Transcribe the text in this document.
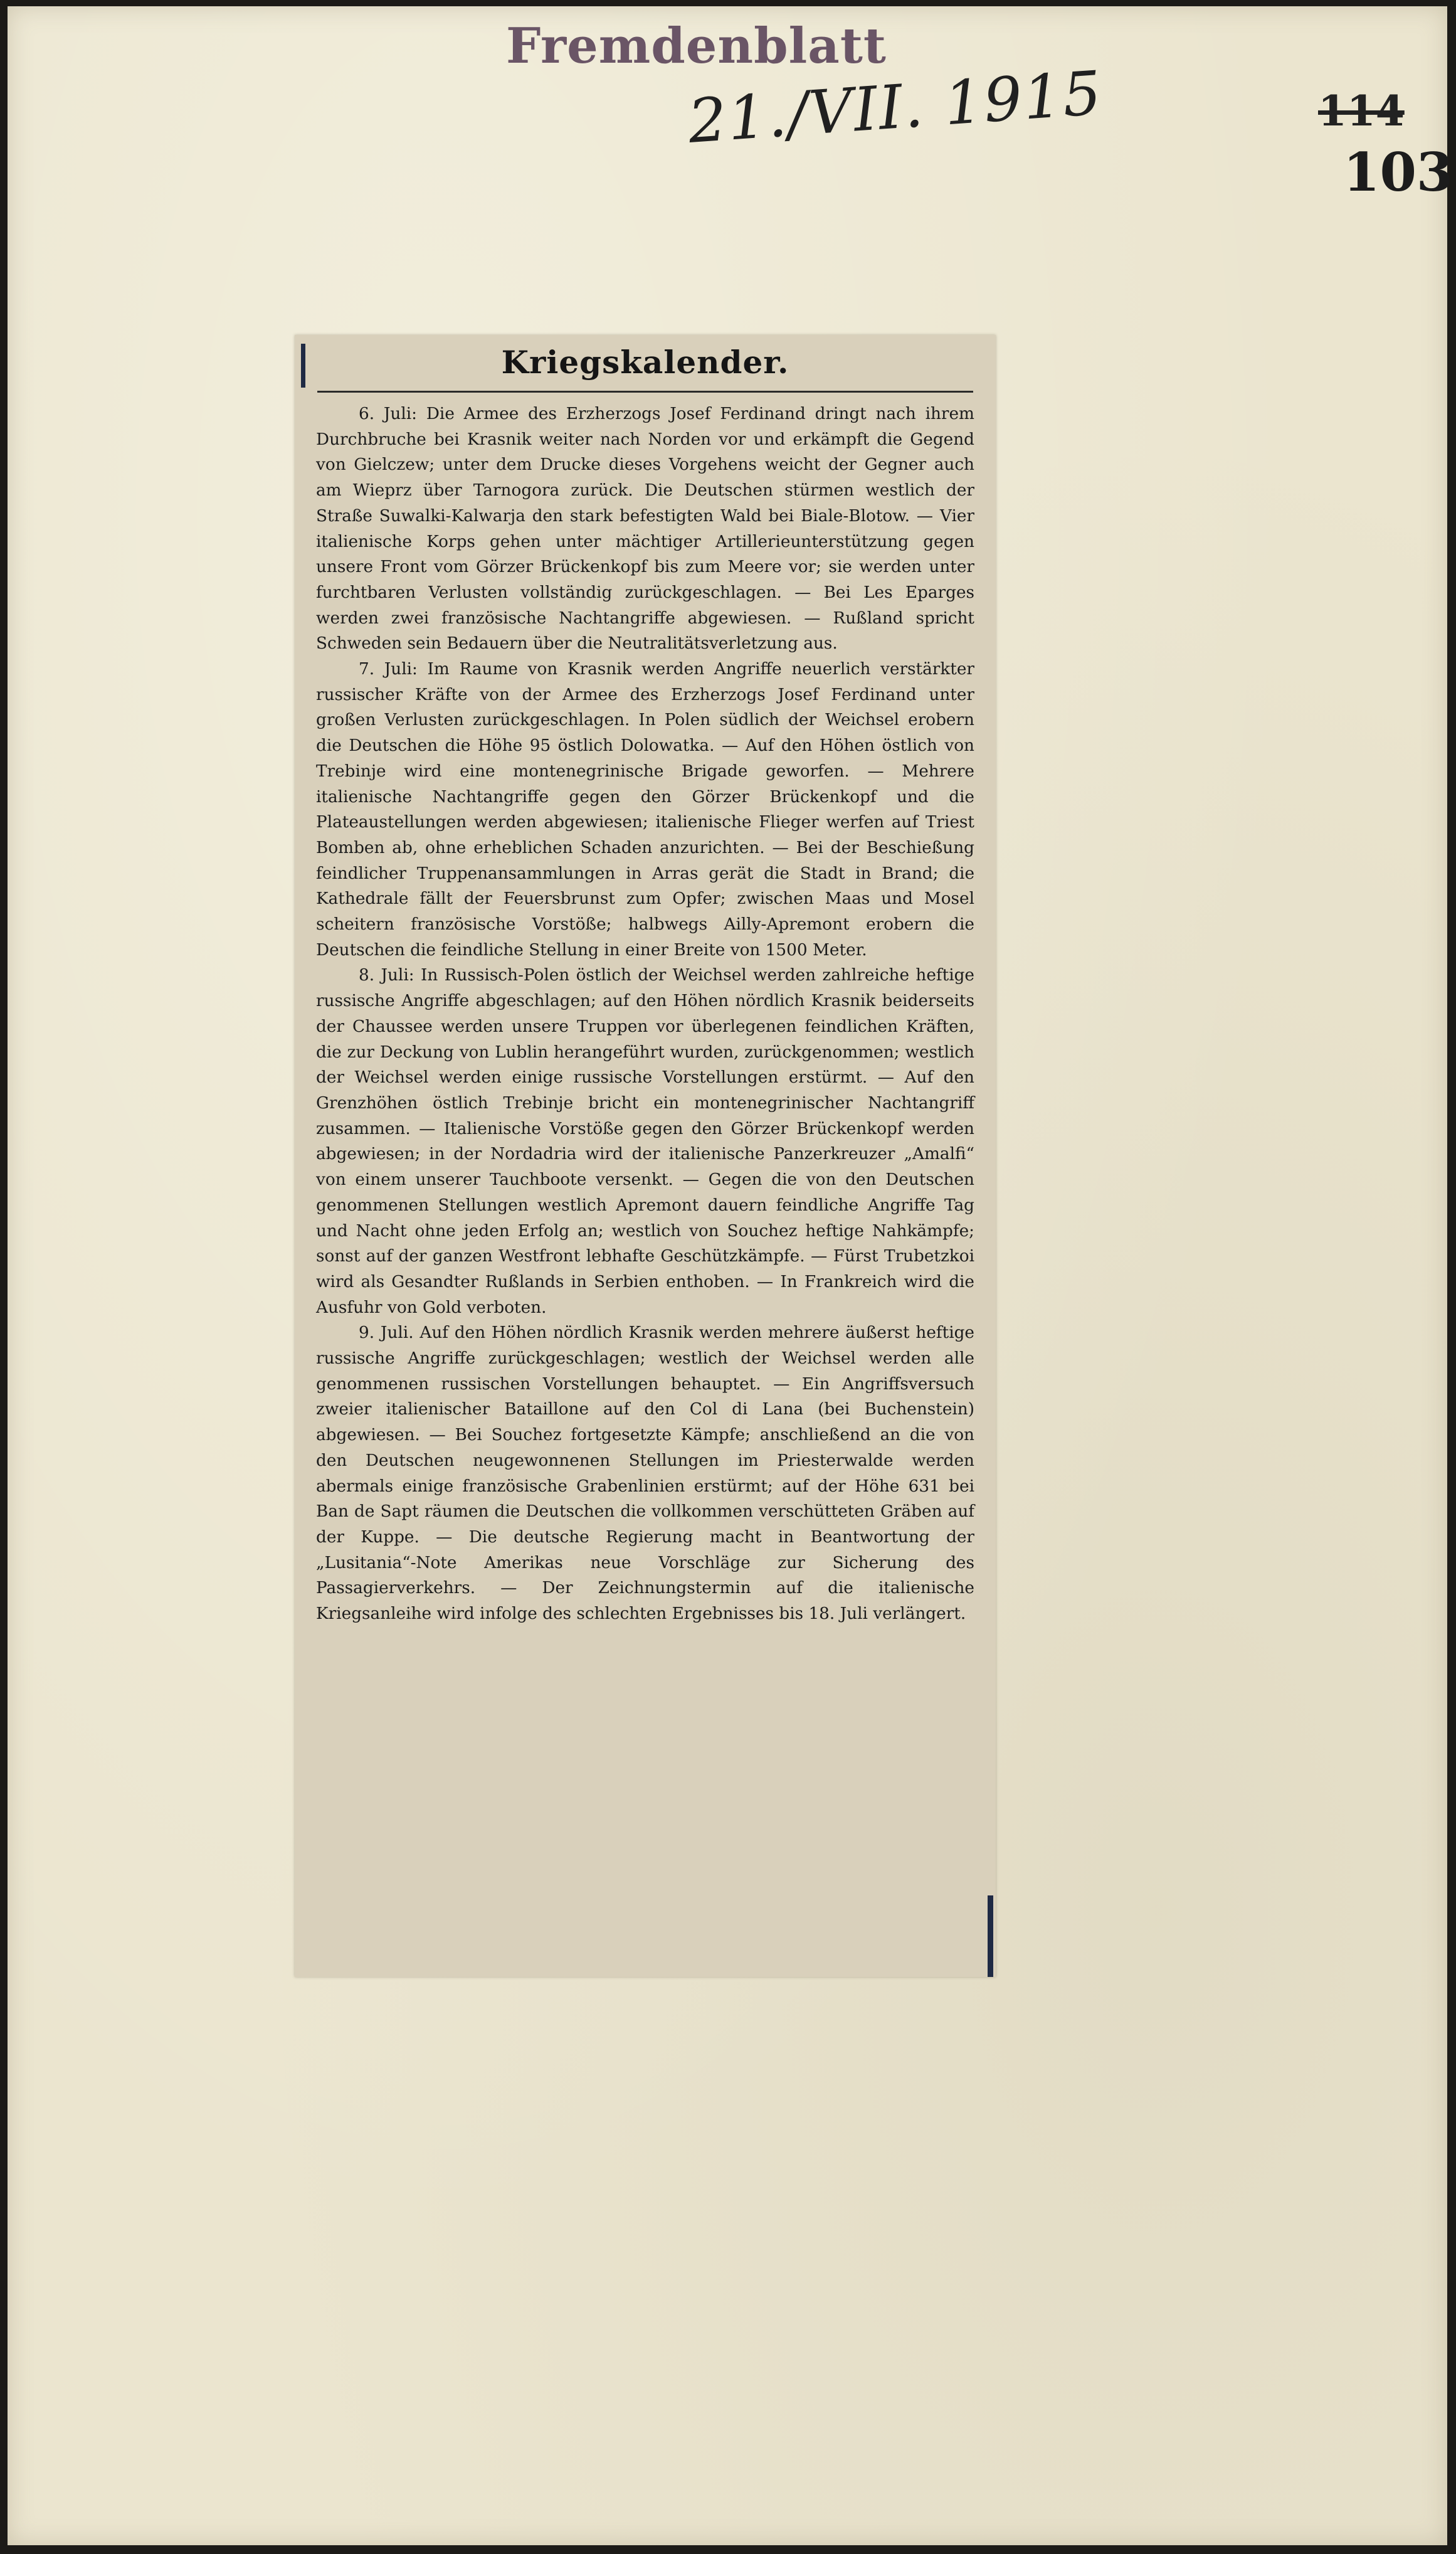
Fremdenblatt
21./VII. 1915	114
103
Kriegskalender.

6. Juli: Die Armee des Erzherzogs Josef Ferdinand dringt nach ihrem Durchbruche bei Krasnik weiter nach Norden vor und erkämpft die Gegend von Gielczew; unter dem Drucke dieses Vorgehens weicht der Gegner auch am Wieprz über Tarnogora zurück. Die Deutschen stürmen westlich der Straße Suwalki-Kalwarja den stark befestigten Wald bei Biale-Blotow. — Vier italienische Korps gehen unter mächtiger Artillerieunterstützung gegen unsere Front vom Görzer Brückenkopf bis zum Meere vor; sie werden unter furchtbaren Verlusten vollständig zurückgeschlagen. — Bei Les Eparges werden zwei französische Nachtangriffe abgewiesen. — Rußland spricht Schweden sein Bedauern über die Neutralitätsverletzung aus.

7. Juli: Im Raume von Krasnik werden Angriffe neuerlich verstärkter russischer Kräfte von der Armee des Erzherzogs Josef Ferdinand unter großen Verlusten zurückgeschlagen. In Polen südlich der Weichsel erobern die Deutschen die Höhe 95 östlich Dolowatka. — Auf den Höhen östlich von Trebinje wird eine montenegrinische Brigade geworfen. — Mehrere italienische Nachtangriffe gegen den Görzer Brückenkopf und die Plateaustellungen werden abgewiesen; italienische Flieger werfen auf Triest Bomben ab, ohne erheblichen Schaden anzurichten. — Bei der Beschießung feindlicher Truppenansammlungen in Arras gerät die Stadt in Brand; die Kathedrale fällt der Feuersbrunst zum Opfer; zwischen Maas und Mosel scheitern französische Vorstöße; halbwegs Ailly-Apremont erobern die Deutschen die feindliche Stellung in einer Breite von 1500 Meter.

8. Juli: In Russisch-Polen östlich der Weichsel werden zahlreiche heftige russische Angriffe abgeschlagen; auf den Höhen nördlich Krasnik beiderseits der Chaussee werden unsere Truppen vor überlegenen feindlichen Kräften, die zur Deckung von Lublin herangeführt wurden, zurückgenommen; westlich der Weichsel werden einige russische Vorstellungen erstürmt. — Auf den Grenzhöhen östlich Trebinje bricht ein montenegrinischer Nachtangriff zusammen. — Italienische Vorstöße gegen den Görzer Brückenkopf werden abgewiesen; in der Nordadria wird der italienische Panzerkreuzer „Amalfi“ von einem unserer Tauchboote versenkt. — Gegen die von den Deutschen genommenen Stellungen westlich Apremont dauern feindliche Angriffe Tag und Nacht ohne jeden Erfolg an; westlich von Souchez heftige Nahkämpfe; sonst auf der ganzen Westfront lebhafte Geschützkämpfe. — Fürst Trubetzkoi wird als Gesandter Rußlands in Serbien enthoben. — In Frankreich wird die Ausfuhr von Gold verboten.

9. Juli. Auf den Höhen nördlich Krasnik werden mehrere äußerst heftige russische Angriffe zurückgeschlagen; westlich der Weichsel werden alle genommenen russischen Vorstellungen behauptet. — Ein Angriffsversuch zweier italienischer Bataillone auf den Col di Lana (bei Buchenstein) abgewiesen. — Bei Souchez fortgesetzte Kämpfe; anschließend an die von den Deutschen neugewonnenen Stellungen im Priesterwalde werden abermals einige französische Grabenlinien erstürmt; auf der Höhe 631 bei Ban de Sapt räumen die Deutschen die vollkommen verschütteten Gräben auf der Kuppe. — Die deutsche Regierung macht in Beantwortung der „Lusitania“-Note Amerikas neue Vorschläge zur Sicherung des Passagierverkehrs. — Der Zeichnungstermin auf die italienische Kriegsanleihe wird infolge des schlechten Ergebnisses bis 18. Juli verlängert.
